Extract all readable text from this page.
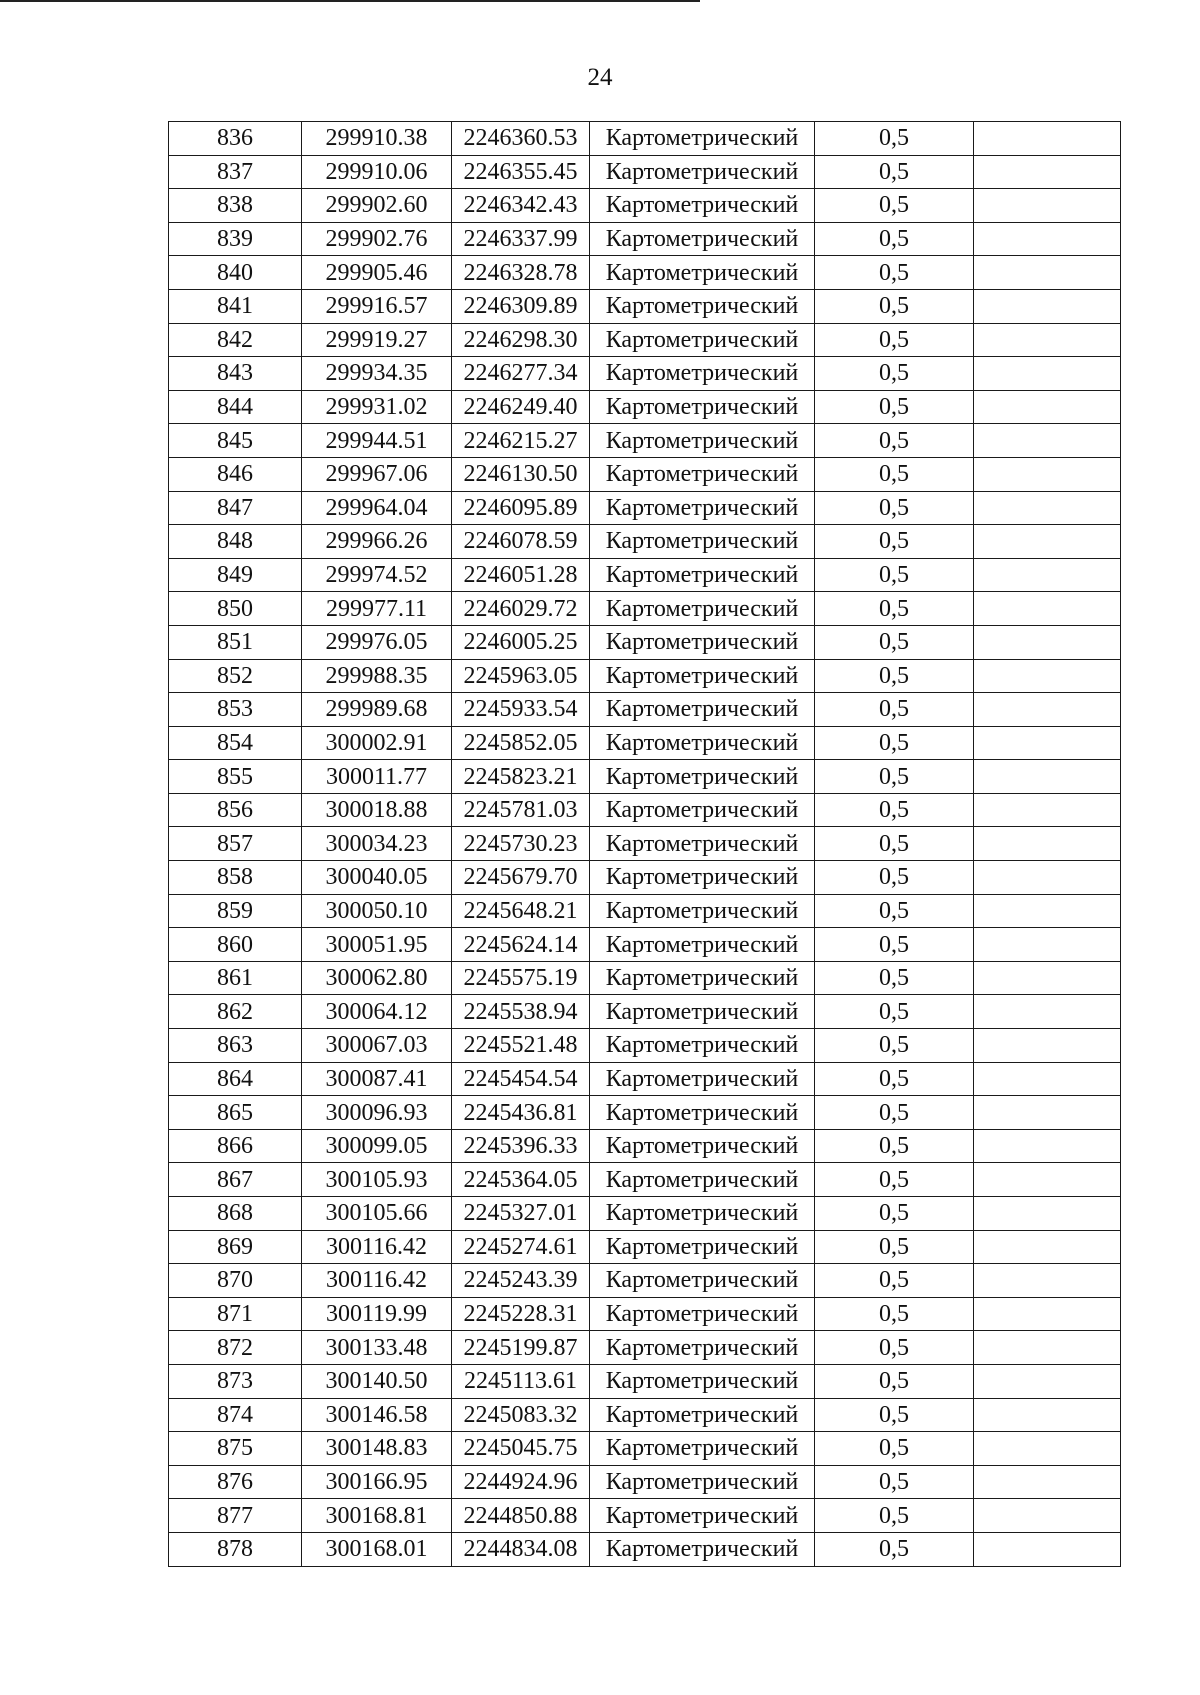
24
836	299910.38	2246360.53	Картометрический	0,5	
837	299910.06	2246355.45	Картометрический	0,5	
838	299902.60	2246342.43	Картометрический	0,5	
839	299902.76	2246337.99	Картометрический	0,5	
840	299905.46	2246328.78	Картометрический	0,5	
841	299916.57	2246309.89	Картометрический	0,5	
842	299919.27	2246298.30	Картометрический	0,5	
843	299934.35	2246277.34	Картометрический	0,5	
844	299931.02	2246249.40	Картометрический	0,5	
845	299944.51	2246215.27	Картометрический	0,5	
846	299967.06	2246130.50	Картометрический	0,5	
847	299964.04	2246095.89	Картометрический	0,5	
848	299966.26	2246078.59	Картометрический	0,5	
849	299974.52	2246051.28	Картометрический	0,5	
850	299977.11	2246029.72	Картометрический	0,5	
851	299976.05	2246005.25	Картометрический	0,5	
852	299988.35	2245963.05	Картометрический	0,5	
853	299989.68	2245933.54	Картометрический	0,5	
854	300002.91	2245852.05	Картометрический	0,5	
855	300011.77	2245823.21	Картометрический	0,5	
856	300018.88	2245781.03	Картометрический	0,5	
857	300034.23	2245730.23	Картометрический	0,5	
858	300040.05	2245679.70	Картометрический	0,5	
859	300050.10	2245648.21	Картометрический	0,5	
860	300051.95	2245624.14	Картометрический	0,5	
861	300062.80	2245575.19	Картометрический	0,5	
862	300064.12	2245538.94	Картометрический	0,5	
863	300067.03	2245521.48	Картометрический	0,5	
864	300087.41	2245454.54	Картометрический	0,5	
865	300096.93	2245436.81	Картометрический	0,5	
866	300099.05	2245396.33	Картометрический	0,5	
867	300105.93	2245364.05	Картометрический	0,5	
868	300105.66	2245327.01	Картометрический	0,5	
869	300116.42	2245274.61	Картометрический	0,5	
870	300116.42	2245243.39	Картометрический	0,5	
871	300119.99	2245228.31	Картометрический	0,5	
872	300133.48	2245199.87	Картометрический	0,5	
873	300140.50	2245113.61	Картометрический	0,5	
874	300146.58	2245083.32	Картометрический	0,5	
875	300148.83	2245045.75	Картометрический	0,5	
876	300166.95	2244924.96	Картометрический	0,5	
877	300168.81	2244850.88	Картометрический	0,5	
878	300168.01	2244834.08	Картометрический	0,5	
